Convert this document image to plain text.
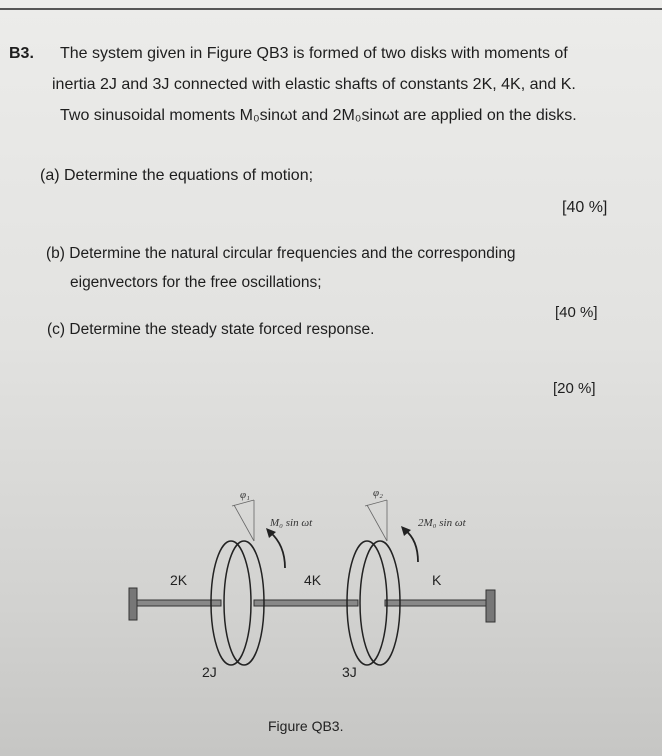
B3. The system given in Figure QB3 is formed of two disks with moments of
inertia 2J and 3J connected with elastic shafts of constants 2K, 4K, and K.
Two sinusoidal moments M₀sinωt and 2M₀sinωt are applied on the disks.
(a) Determine the equations of motion;
[40 %]
(b) Determine the natural circular frequencies and the corresponding
eigenvectors for the free oscillations;
[40 %]
(c) Determine the steady state forced response.
[20 %]
2K	4K	K
2J	3J
φ₁	φ₂
M₀ sin ωt	2M₀ sin ωt
Figure QB3.
